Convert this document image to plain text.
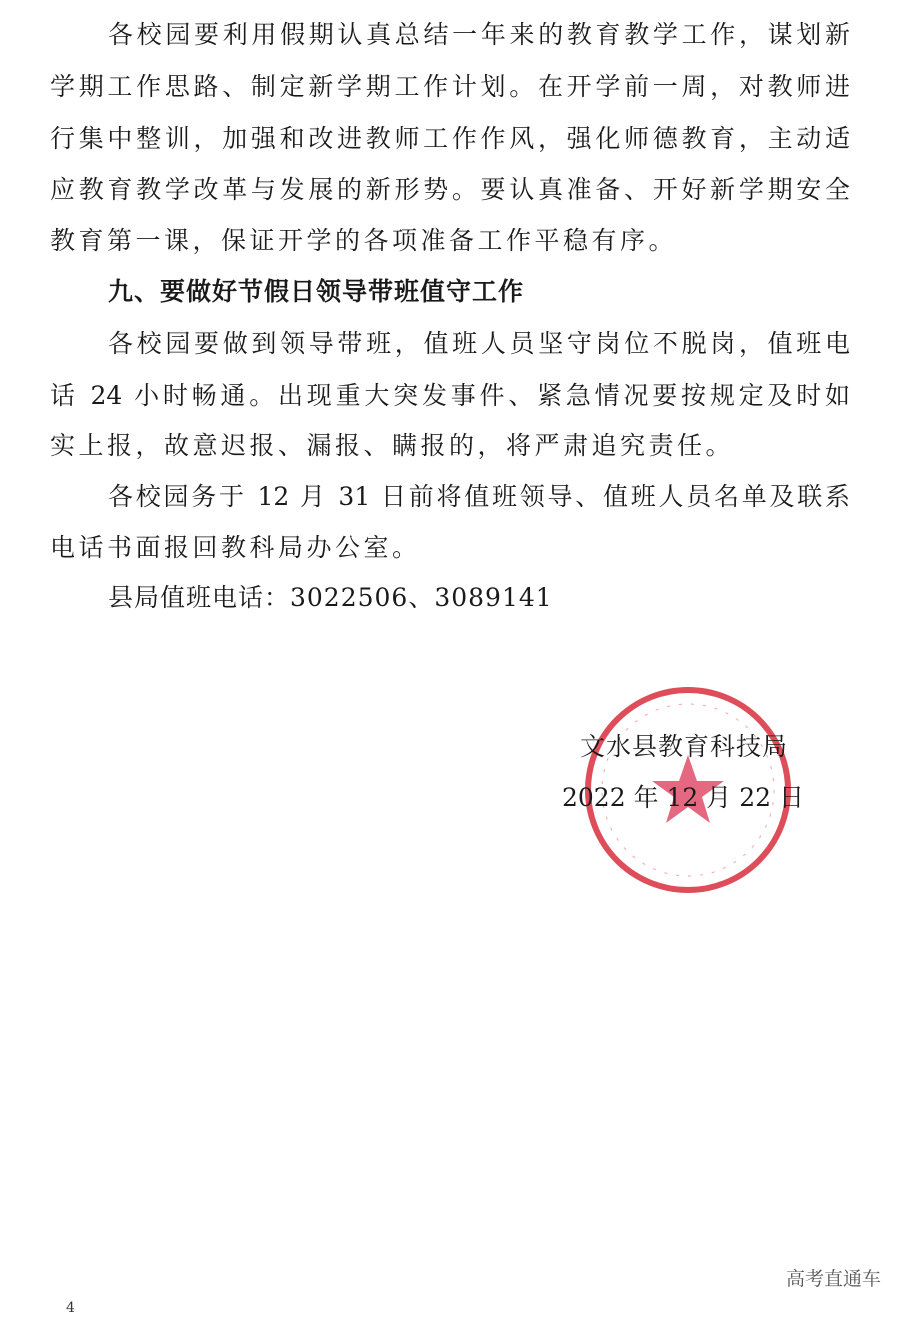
各校园要利用假期认真总结一年来的教育教学工作，谋划新
学期工作思路、制定新学期工作计划。在开学前一周，对教师进
行集中整训，加强和改进教师工作作风，强化师德教育，主动适
应教育教学改革与发展的新形势。要认真准备、开好新学期安全
教育第一课，保证开学的各项准备工作平稳有序。
九、要做好节假日领导带班值守工作
各校园要做到领导带班，值班人员坚守岗位不脱岗，值班电
话 24 小时畅通。出现重大突发事件、紧急情况要按规定及时如
实上报，故意迟报、漏报、瞒报的，将严肃追究责任。
各校园务于 12 月 31 日前将值班领导、值班人员名单及联系
电话书面报回教科局办公室。
县局值班电话：3022506、3089141
文水县教育科技局
2022 年 12 月 22 日
高考直通车
4
